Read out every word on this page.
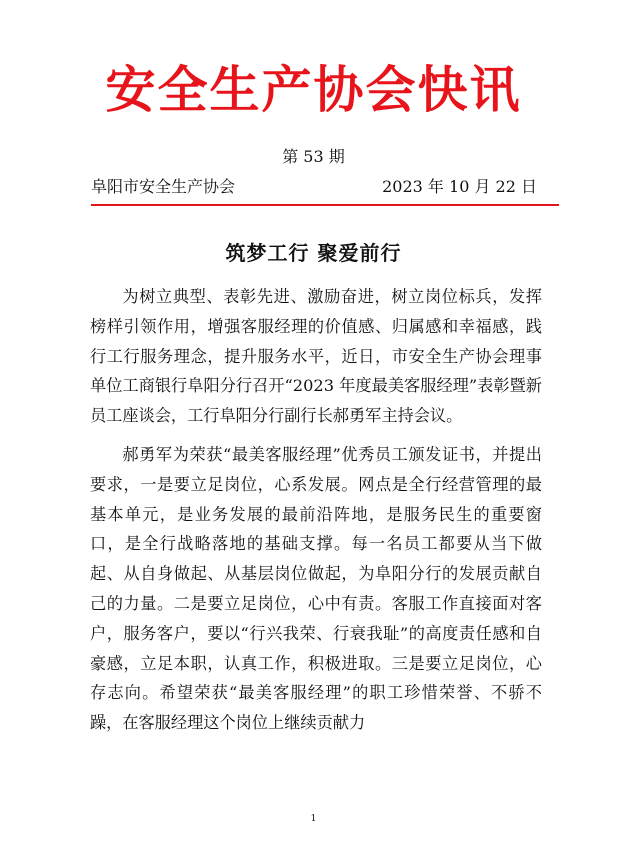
安全生产协会快讯
第 53 期
阜阳市安全生产协会	2023 年 10 月 22 日
筑梦工行 聚爱前行

为树立典型、表彰先进、激励奋进，树立岗位标兵，发挥榜样引领作用，增强客服经理的价值感、归属感和幸福感，践行工行服务理念，提升服务水平，近日，市安全生产协会理事单位工商银行阜阳分行召开“2023 年度最美客服经理”表彰暨新员工座谈会，工行阜阳分行副行长郝勇军主持会议。

郝勇军为荣获“最美客服经理”优秀员工颁发证书，并提出要求，一是要立足岗位，心系发展。网点是全行经营管理的最基本单元，是业务发展的最前沿阵地，是服务民生的重要窗口，是全行战略落地的基础支撑。每一名员工都要从当下做起、从自身做起、从基层岗位做起，为阜阳分行的发展贡献自己的力量。二是要立足岗位，心中有责。客服工作直接面对客户，服务客户，要以“行兴我荣、行衰我耻”的高度责任感和自豪感，立足本职，认真工作，积极进取。三是要立足岗位，心存志向。希望荣获“最美客服经理”的职工珍惜荣誉、不骄不躁，在客服经理这个岗位上继续贡献力

1
